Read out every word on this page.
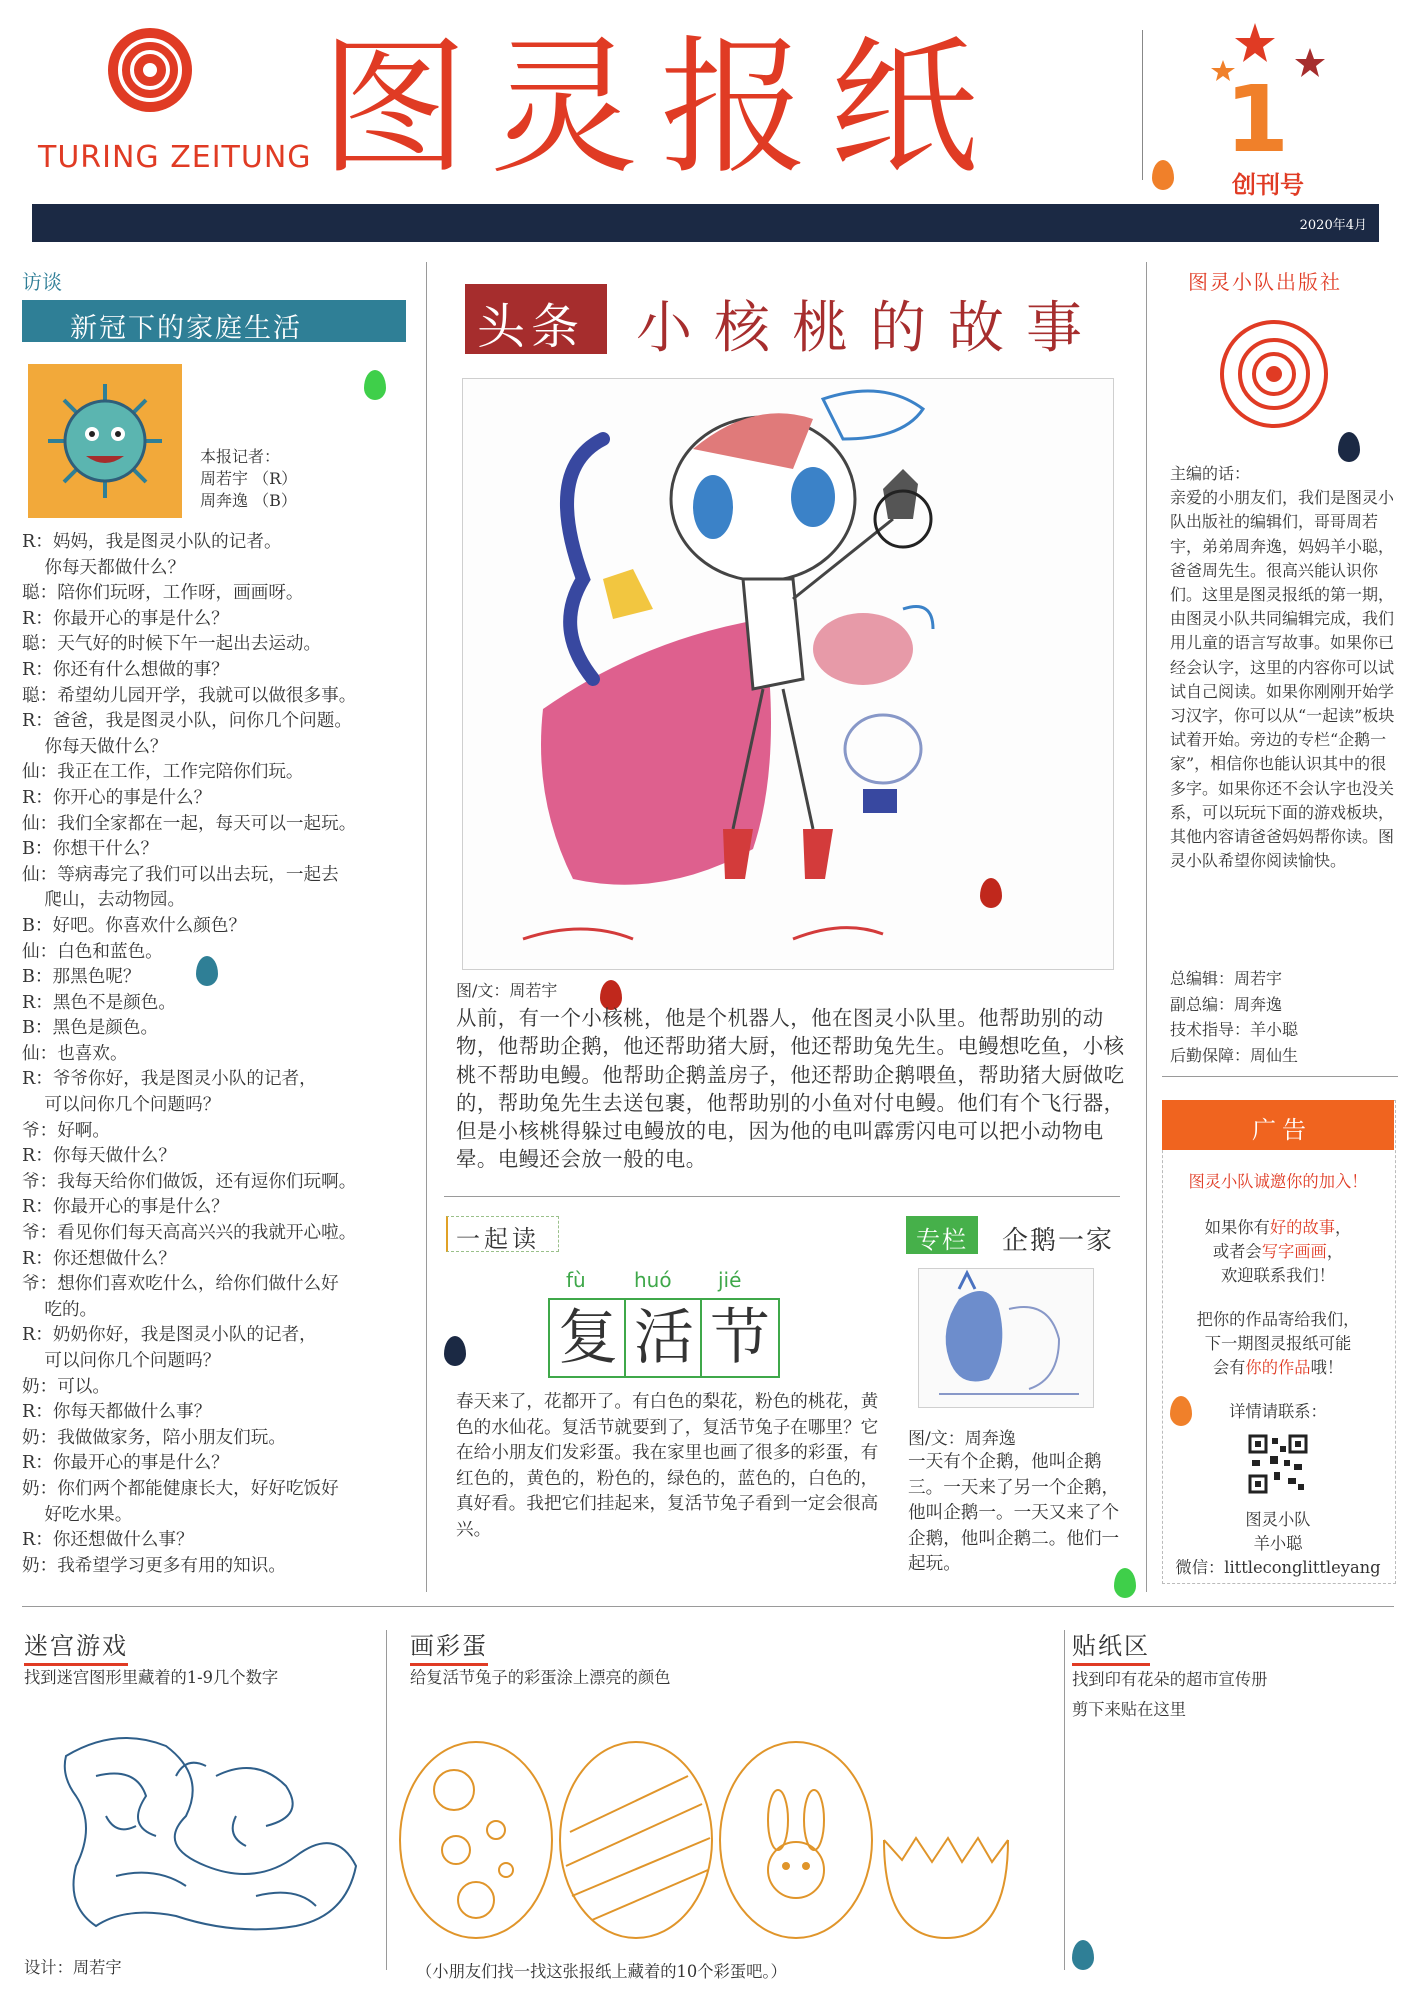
TURING ZEITUNG 图灵报纸	1
创刊号
2020年4月
访谈
新冠下的家庭生活
本报记者：
周若宇 （R）
周奔逸 （B）
R：妈妈，我是图灵小队的记者。
你每天都做什么？
聪：陪你们玩呀，工作呀，画画呀。
R：你最开心的事是什么？
聪：天气好的时候下午一起出去运动。
R：你还有什么想做的事？
聪：希望幼儿园开学，我就可以做很多事。
R：爸爸，我是图灵小队，问你几个问题。
你每天做什么？
仙：我正在工作，工作完陪你们玩。
R：你开心的事是什么？
仙：我们全家都在一起，每天可以一起玩。
B：你想干什么？
仙：等病毒完了我们可以出去玩，一起去
爬山，去动物园。
B：好吧。你喜欢什么颜色？
仙：白色和蓝色。
B：那黑色呢？
R：黑色不是颜色。
B：黑色是颜色。
仙：也喜欢。
R：爷爷你好，我是图灵小队的记者，
可以问你几个问题吗？
爷：好啊。
R：你每天做什么？
爷：我每天给你们做饭，还有逗你们玩啊。
R：你最开心的事是什么？
爷：看见你们每天高高兴兴的我就开心啦。
R：你还想做什么？
爷：想你们喜欢吃什么，给你们做什么好
吃的。
R：奶奶你好，我是图灵小队的记者，
可以问你几个问题吗？
奶：可以。
R：你每天都做什么事？
奶：我做做家务，陪小朋友们玩。
R：你最开心的事是什么？
奶：你们两个都能健康长大，好好吃饭好
好吃水果。
R：你还想做什么事？
奶：我希望学习更多有用的知识。
头条 小核桃的故事
图/文：周若宇
从前，有一个小核桃，他是个机器人，他在图灵小队里。他帮助别的动物，他帮助企鹅，他还帮助猪大厨，他还帮助兔先生。电鳗想吃鱼，小核桃不帮助电鳗。他帮助企鹅盖房子，他还帮助企鹅喂鱼，帮助猪大厨做吃的，帮助兔先生去送包裹，他帮助别的小鱼对付电鳗。他们有个飞行器，但是小核桃得躲过电鳗放的电，因为他的电叫霹雳闪电可以把小动物电晕。电鳗还会放一般的电。
一起读
fù huó jié
复 活 节
春天来了，花都开了。有白色的梨花，粉色的桃花，黄色的水仙花。复活节就要到了，复活节兔子在哪里？它在给小朋友们发彩蛋。我在家里也画了很多的彩蛋，有红色的，黄色的，粉色的，绿色的，蓝色的，白色的，真好看。我把它们挂起来，复活节兔子看到一定会很高兴。
专栏 企鹅一家
图/文：周奔逸
一天有个企鹅，他叫企鹅三。一天来了另一个企鹅，他叫企鹅一。一天又来了个企鹅，他叫企鹅二。他们一起玩。
图灵小队出版社
主编的话：
亲爱的小朋友们，我们是图灵小队出版社的编辑们，哥哥周若宇，弟弟周奔逸，妈妈羊小聪，爸爸周先生。很高兴能认识你们。这里是图灵报纸的第一期，由图灵小队共同编辑完成，我们用儿童的语言写故事。如果你已经会认字，这里的内容你可以试试自己阅读。如果你刚刚开始学习汉字，你可以从“一起读”板块试着开始。旁边的专栏“企鹅一家”，相信你也能认识其中的很多字。如果你还不会认字也没关系，可以玩玩下面的游戏板块，其他内容请爸爸妈妈帮你读。图灵小队希望你阅读愉快。
总编辑：周若宇
副总编：周奔逸
技术指导：羊小聪
后勤保障：周仙生
广告
图灵小队诚邀你的加入！
如果你有好的故事，
或者会写字画画，
欢迎联系我们！
把你的作品寄给我们，
下一期图灵报纸可能
会有你的作品哦！
详情请联系：
图灵小队
羊小聪
微信：littleconglittleyang
迷宫游戏
找到迷宫图形里藏着的1-9几个数字
设计：周若宇
画彩蛋
给复活节兔子的彩蛋涂上漂亮的颜色
（小朋友们找一找这张报纸上藏着的10个彩蛋吧。）
贴纸区
找到印有花朵的超市宣传册
剪下来贴在这里
